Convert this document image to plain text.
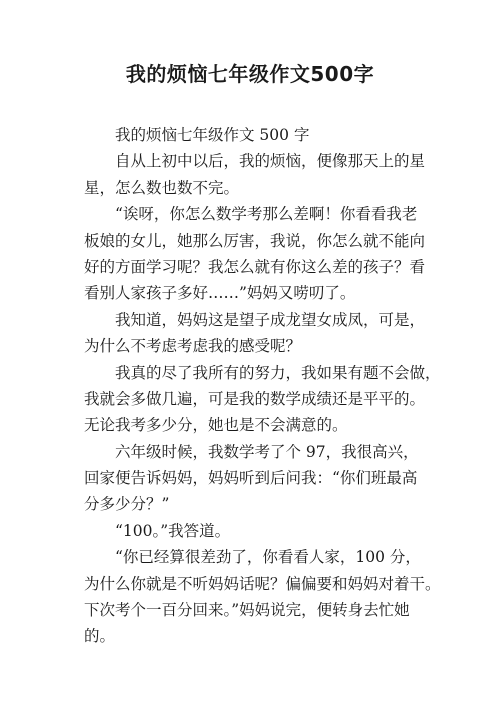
我的烦恼七年级作文500字
我的烦恼七年级作文 500 字
自从上初中以后，我的烦恼，便像那天上的星
星，怎么数也数不完。
“诶呀，你怎么数学考那么差啊！你看看我老
板娘的女儿，她那么厉害，我说，你怎么就不能向
好的方面学习呢？我怎么就有你这么差的孩子？看
看别人家孩子多好……”妈妈又唠叨了。
我知道，妈妈这是望子成龙望女成凤，可是，
为什么不考虑考虑我的感受呢？
我真的尽了我所有的努力，我如果有题不会做，
我就会多做几遍，可是我的数学成绩还是平平的。
无论我考多少分，她也是不会满意的。
六年级时候，我数学考了个 97，我很高兴，
回家便告诉妈妈，妈妈听到后问我：“你们班最高
分多少分？”
“100。”我答道。
“你已经算很差劲了，你看看人家，100 分，
为什么你就是不听妈妈话呢？偏偏要和妈妈对着干。
下次考个一百分回来。”妈妈说完，便转身去忙她
的。
